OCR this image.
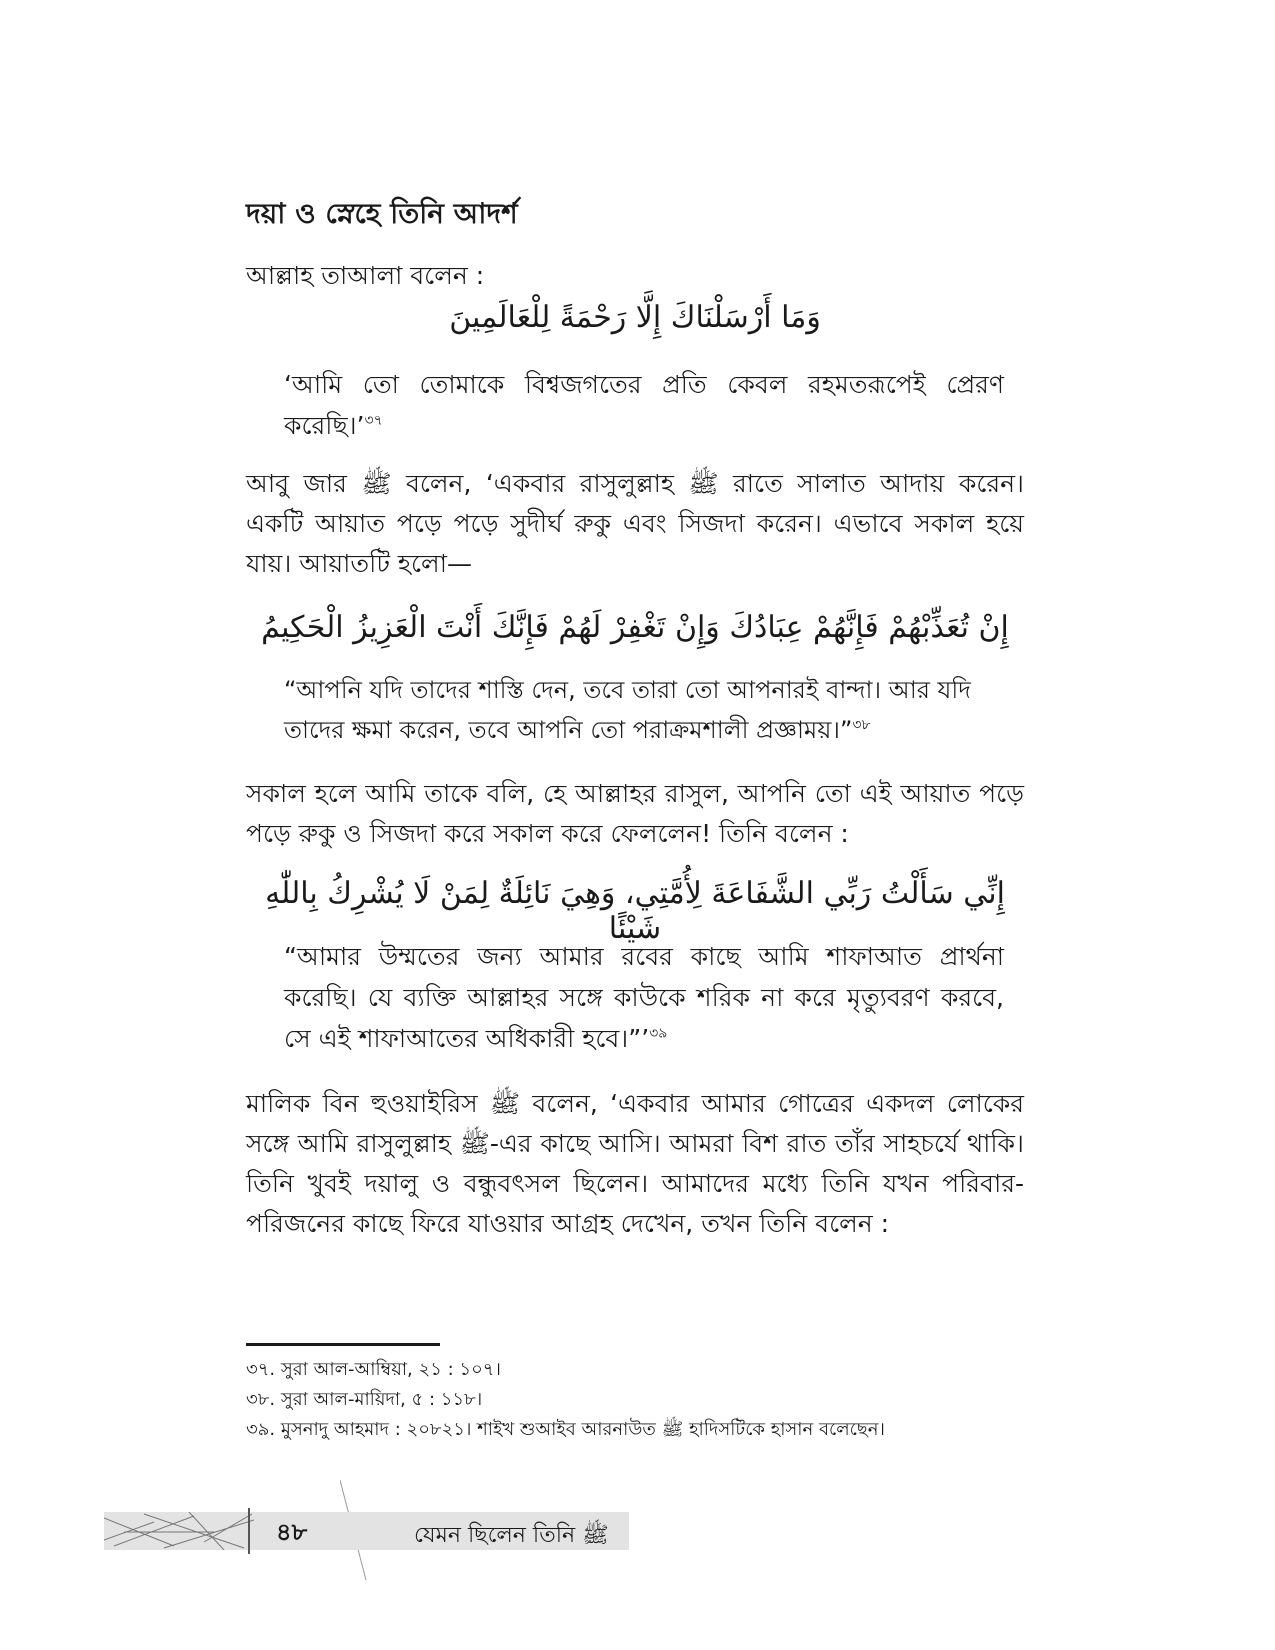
দয়া ও স্নেহে তিনি আদর্শ

আল্লাহ তাআলা বলেন :

وَمَا أَرْسَلْنَاكَ إِلَّا رَحْمَةً لِلْعَالَمِينَ

‘আমি তো তোমাকে বিশ্বজগতের প্রতি কেবল রহমতরূপেই প্রেরণ করেছি।’$^{৩৭}$

আবু জার ﷺ বলেন, ‘একবার রাসুলুল্লাহ ﷺ রাতে সালাত আদায় করেন। একটি আয়াত পড়ে পড়ে সুদীর্ঘ রুকু এবং সিজদা করেন। এভাবে সকাল হয়ে যায়। আয়াতটি হলো—

إِنْ تُعَذِّبْهُمْ فَإِنَّهُمْ عِبَادُكَ وَإِنْ تَغْفِرْ لَهُمْ فَإِنَّكَ أَنْتَ الْعَزِيزُ الْحَكِيمُ

“আপনি যদি তাদের শাস্তি দেন, তবে তারা তো আপনারই বান্দা। আর যদি তাদের ক্ষমা করেন, তবে আপনি তো পরাক্রমশালী প্রজ্ঞাময়।”$^{৩৮}$

সকাল হলে আমি তাকে বলি, হে আল্লাহর রাসুল, আপনি তো এই আয়াত পড়ে পড়ে রুকু ও সিজদা করে সকাল করে ফেললেন! তিনি বলেন :

إِنِّي سَأَلْتُ رَبِّي الشَّفَاعَةَ لِأُمَّتِي، وَهِيَ نَائِلَةٌ لِمَنْ لَا يُشْرِكُ بِاللّٰهِ شَيْئًا

“আমার উম্মতের জন্য আমার রবের কাছে আমি শাফাআত প্রার্থনা করেছি। যে ব্যক্তি আল্লাহর সঙ্গে কাউকে শরিক না করে মৃত্যুবরণ করবে, সে এই শাফাআতের অধিকারী হবে।”’$^{৩৯}$

মালিক বিন হুওয়াইরিস ﷺ বলেন, ‘একবার আমার গোত্রের একদল লোকের সঙ্গে আমি রাসুলুল্লাহ ﷺ-এর কাছে আসি। আমরা বিশ রাত তাঁর সাহচর্যে থাকি। তিনি খুবই দয়ালু ও বন্ধুবৎসল ছিলেন। আমাদের মধ্যে তিনি যখন পরিবার-পরিজনের কাছে ফিরে যাওয়ার আগ্রহ দেখেন, তখন তিনি বলেন :

৩৭. সুরা আল-আম্বিয়া, ২১ : ১০৭।

৩৮. সুরা আল-মায়িদা, ৫ : ১১৮।

৩৯. মুসনাদু আহমাদ : ২০৮২১। শাইখ শুআইব আরনাউত ﷺ হাদিসটিকে হাসান বলেছেন।

৪৮	যেমন ছিলেন তিনি ﷺ
